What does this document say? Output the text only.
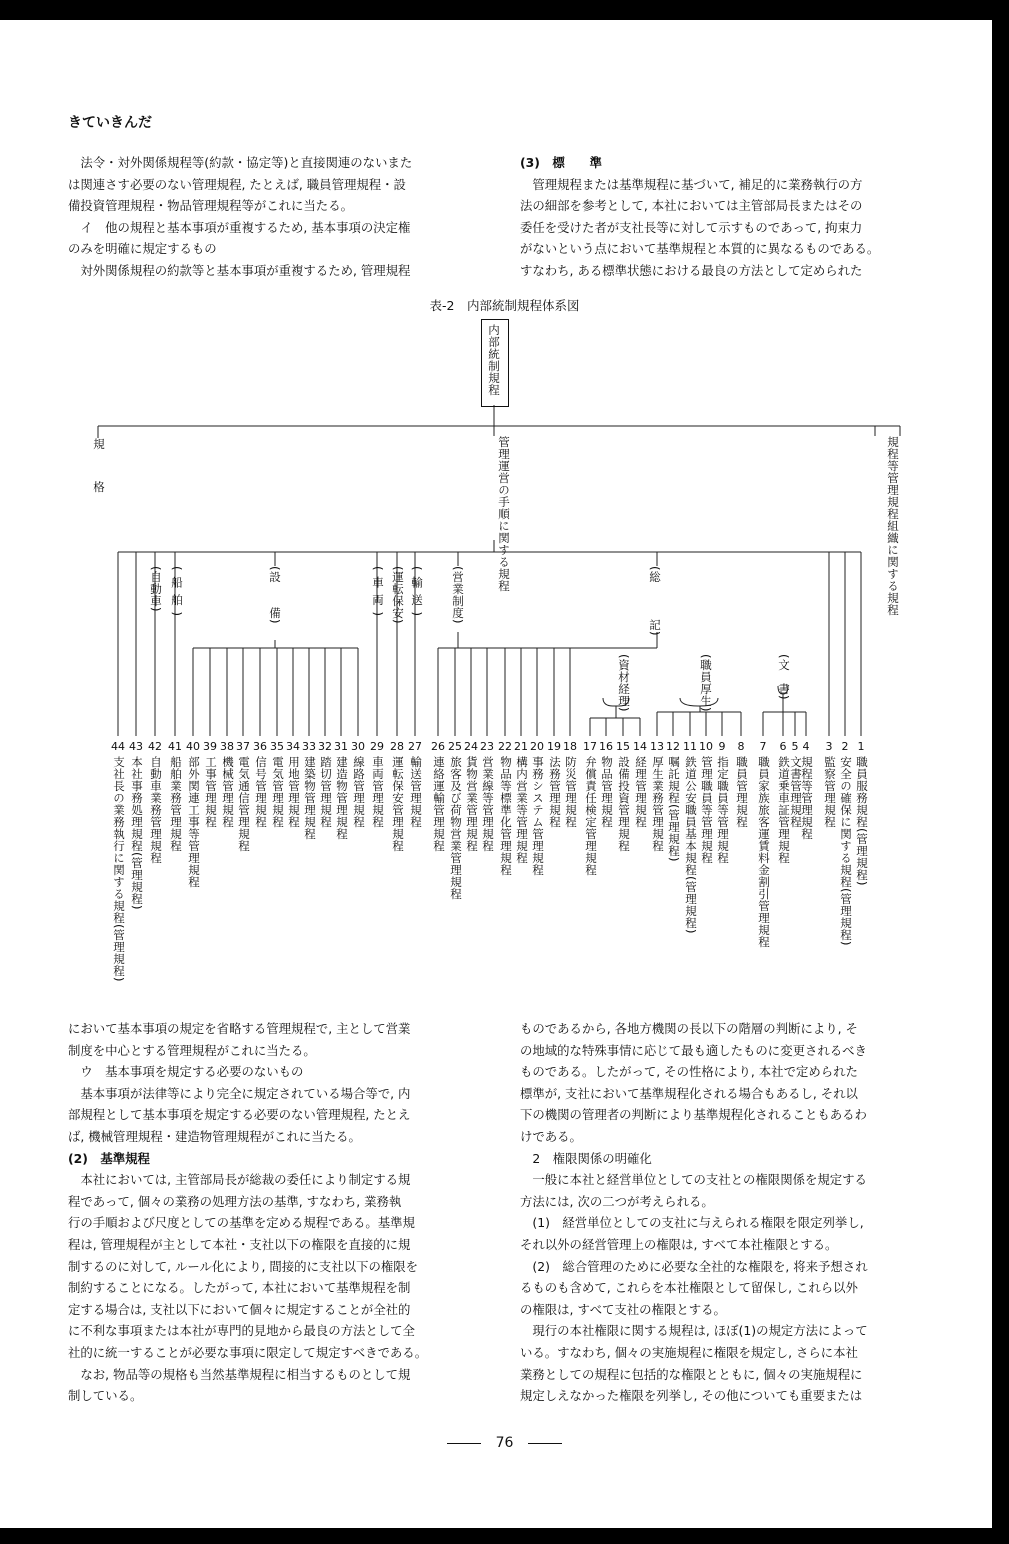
きていきんだ

　法令・対外関係規程等(約款・協定等)と直接関連のないまた

は関連さす必要のない管理規程, たとえば, 職員管理規程・設

備投資管理規程・物品管理規程等がこれに当たる。

　イ　他の規程と基本事項が重複するため, 基本事項の決定権

のみを明確に規定するもの

　対外関係規程の約款等と基本事項が重複するため, 管理規程

(3)　標　　準

　管理規程または基準規程に基づいて, 補足的に業務執行の方

法の細部を参考として, 本社においては主管部局長またはその

委任を受けた者が支社長等に対して示すものであって, 拘束力

がないという点において基準規程と本質的に異なるものである。

すなわち, ある標準状態における最良の方法として定められた

表-2　内部統制規程体系図
内部統制規程
規　格	管理運営の手順に関する規程	規程等管理規程組織に関する規程
(自動車) (船舶)	(設　　備)	(車両) (運転保安) (輸送) (営業制度)	(総　　　記)
(資材経理)	(職員厚生)	(文　書)
44
支社長の業務執行に関する規程(管理規程)
43
本社事務処理規程(管理規程)
42
自動車業務管理規程
41
船舶業務管理規程
40
部外関連工事等管理規程
39
工事管理規程
38
機械管理規程
37
電気通信管理規程
36
信号管理規程
35
電気管理規程
34
用地管理規程
33
建築物管理規程
32
踏切管理規程
31
建造物管理規程
30
線路管理規程
29
車両管理規程
28
運転保安管理規程
27
輸送管理規程
26
連絡運輸管理規程
25
旅客及び荷物営業管理規程
24
貨物営業管理規程
23
営業線等管理規程
22
物品等標準化管理規程
21
構内営業等管理規程
20
事務システム管理規程
19
法務管理規程
18
防災管理規程
17
弁償責任検定管理規程
16
物品管理規程
15
設備投資管理規程
14
経理管理規程
13
厚生業務管理規程
12
嘱託規程(管理規程)
11
鉄道公安職員基本規程(管理規程)
10
管理職員等管理規程
9
指定職員等管理規程
8
職員管理規程
7
職員家族旅客運賃料金割引管理規程
6
鉄道乗車証管理規程
5
文書管理規程
4
規程等管理規程
3
監察管理規程
2
安全の確保に関する規程(管理規程)
1
職員服務規程(管理規程)

において基本事項の規定を省略する管理規程で, 主として営業

制度を中心とする管理規程がこれに当たる。

　ウ　基本事項を規定する必要のないもの

　基本事項が法律等により完全に規定されている場合等で, 内

部規程として基本事項を規定する必要のない管理規程, たとえ

ば, 機械管理規程・建造物管理規程がこれに当たる。

(2)　基準規程

　本社においては, 主管部局長が総裁の委任により制定する規

程であって, 個々の業務の処理方法の基準, すなわち, 業務執

行の手順および尺度としての基準を定める規程である。基準規

程は, 管理規程が主として本社・支社以下の権限を直接的に規

制するのに対して, ルール化により, 間接的に支社以下の権限を

制約することになる。したがって, 本社において基準規程を制

定する場合は, 支社以下において個々に規定することが全社的

に不利な事項または本社が専門的見地から最良の方法として全

社的に統一することが必要な事項に限定して規定すべきである。

　なお, 物品等の規格も当然基準規程に相当するものとして規

制している。

ものであるから, 各地方機関の長以下の階層の判断により, そ

の地域的な特殊事情に応じて最も適したものに変更されるべき

ものである。したがって, その性格により, 本社で定められた

標準が, 支社において基準規程化される場合もあるし, それ以

下の機関の管理者の判断により基準規程化されることもあるわ

けである。

　2　権限関係の明確化

　一般に本社と経営単位としての支社との権限関係を規定する

方法には, 次の二つが考えられる。

　(1)　経営単位としての支社に与えられる権限を限定列挙し,

それ以外の経営管理上の権限は, すべて本社権限とする。

　(2)　総合管理のために必要な全社的な権限を, 将来予想され

るものも含めて, これらを本社権限として留保し, これら以外

の権限は, すべて支社の権限とする。

　現行の本社権限に関する規程は, ほぼ(1)の規定方法によって

いる。すなわち, 個々の実施規程に権限を規定し, さらに本社

業務としての規程に包括的な権限とともに, 個々の実施規程に

規定しえなかった権限を列挙し, その他についても重要または

76
